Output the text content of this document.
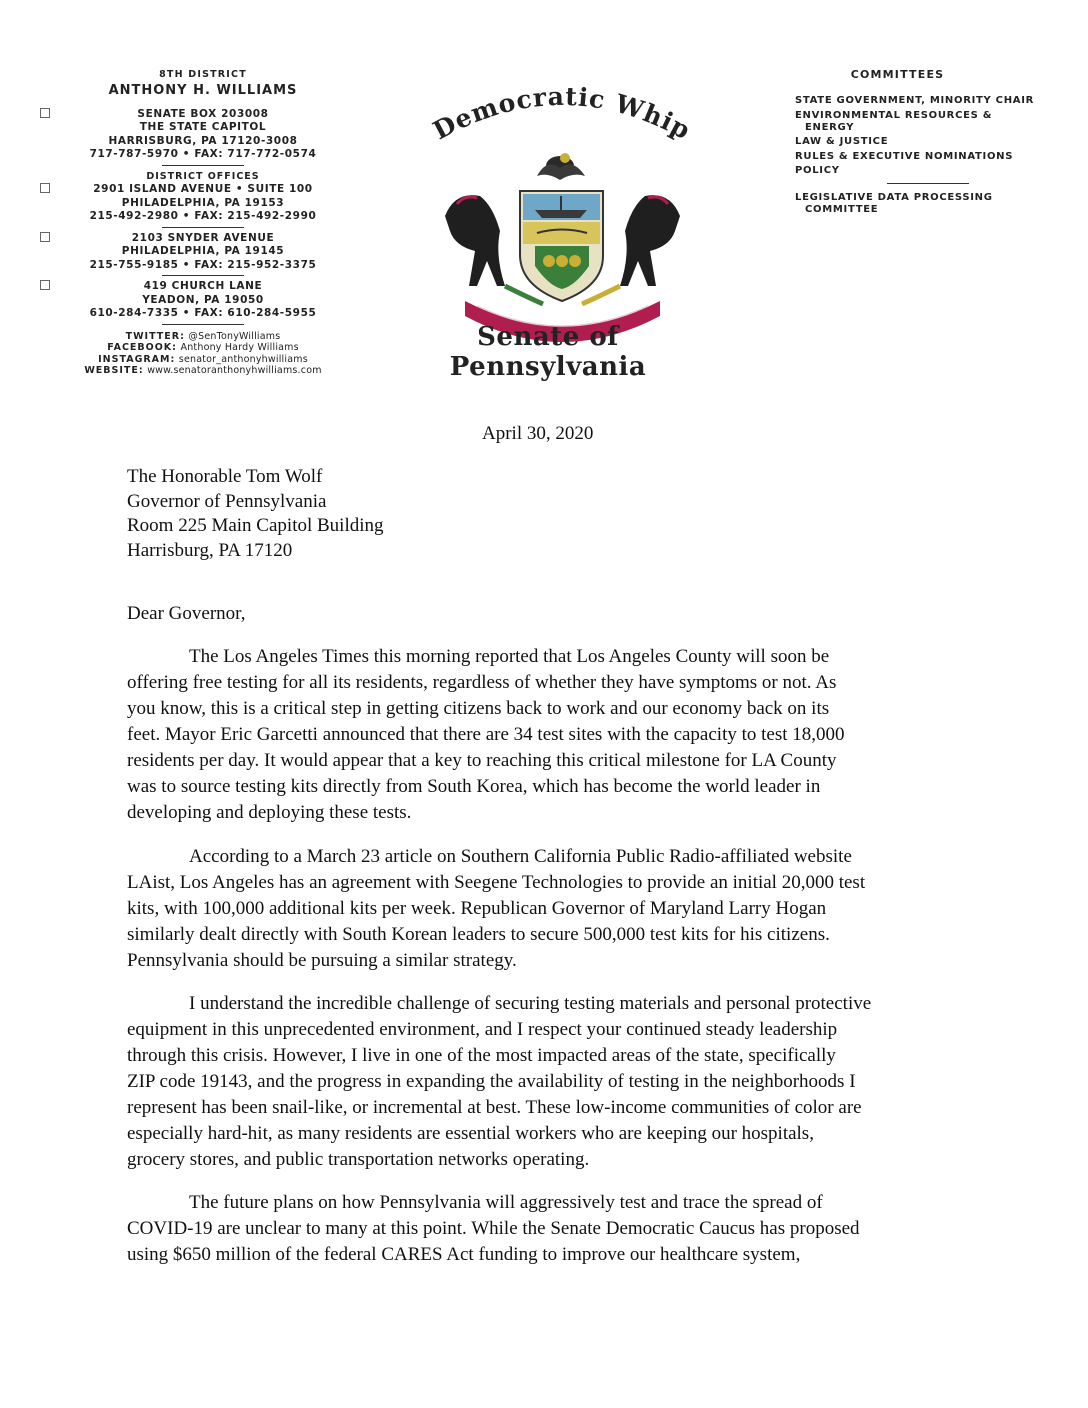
8TH DISTRICT
ANTHONY H. WILLIAMS
SENATE BOX 203008
THE STATE CAPITOL
HARRISBURG, PA 17120-3008
717-787-5970 • FAX: 717-772-0574
DISTRICT OFFICES
2901 ISLAND AVENUE • SUITE 100
PHILADELPHIA, PA 19153
215-492-2980 • FAX: 215-492-2990
2103 SNYDER AVENUE
PHILADELPHIA, PA 19145
215-755-9185 • FAX: 215-952-3375
419 CHURCH LANE
YEADON, PA 19050
610-284-7335 • FAX: 610-284-5955
TWITTER: @SenTonyWilliams
FACEBOOK: Anthony Hardy Williams
INSTAGRAM: senator_anthonyhwilliams
WEBSITE: www.senatoranthonyhwilliams.com
Democratic Whip
Senate of Pennsylvania
COMMITTEES
STATE GOVERNMENT, MINORITY CHAIR
ENVIRONMENTAL RESOURCES &
ENERGY
LAW & JUSTICE
RULES & EXECUTIVE NOMINATIONS
POLICY
LEGISLATIVE DATA PROCESSING
COMMITTEE
April 30, 2020
The Honorable Tom Wolf
Governor of Pennsylvania
Room 225 Main Capitol Building
Harrisburg, PA 17120
Dear Governor,
The Los Angeles Times this morning reported that Los Angeles County will soon be
offering free testing for all its residents, regardless of whether they have symptoms or not. As
you know, this is a critical step in getting citizens back to work and our economy back on its
feet. Mayor Eric Garcetti announced that there are 34 test sites with the capacity to test 18,000
residents per day. It would appear that a key to reaching this critical milestone for LA County
was to source testing kits directly from South Korea, which has become the world leader in
developing and deploying these tests.
According to a March 23 article on Southern California Public Radio-affiliated website
LAist, Los Angeles has an agreement with Seegene Technologies to provide an initial 20,000 test
kits, with 100,000 additional kits per week. Republican Governor of Maryland Larry Hogan
similarly dealt directly with South Korean leaders to secure 500,000 test kits for his citizens.
Pennsylvania should be pursuing a similar strategy.
I understand the incredible challenge of securing testing materials and personal protective
equipment in this unprecedented environment, and I respect your continued steady leadership
through this crisis. However, I live in one of the most impacted areas of the state, specifically
ZIP code 19143, and the progress in expanding the availability of testing in the neighborhoods I
represent has been snail-like, or incremental at best. These low-income communities of color are
especially hard-hit, as many residents are essential workers who are keeping our hospitals,
grocery stores, and public transportation networks operating.
The future plans on how Pennsylvania will aggressively test and trace the spread of
COVID-19 are unclear to many at this point. While the Senate Democratic Caucus has proposed
using $650 million of the federal CARES Act funding to improve our healthcare system,
